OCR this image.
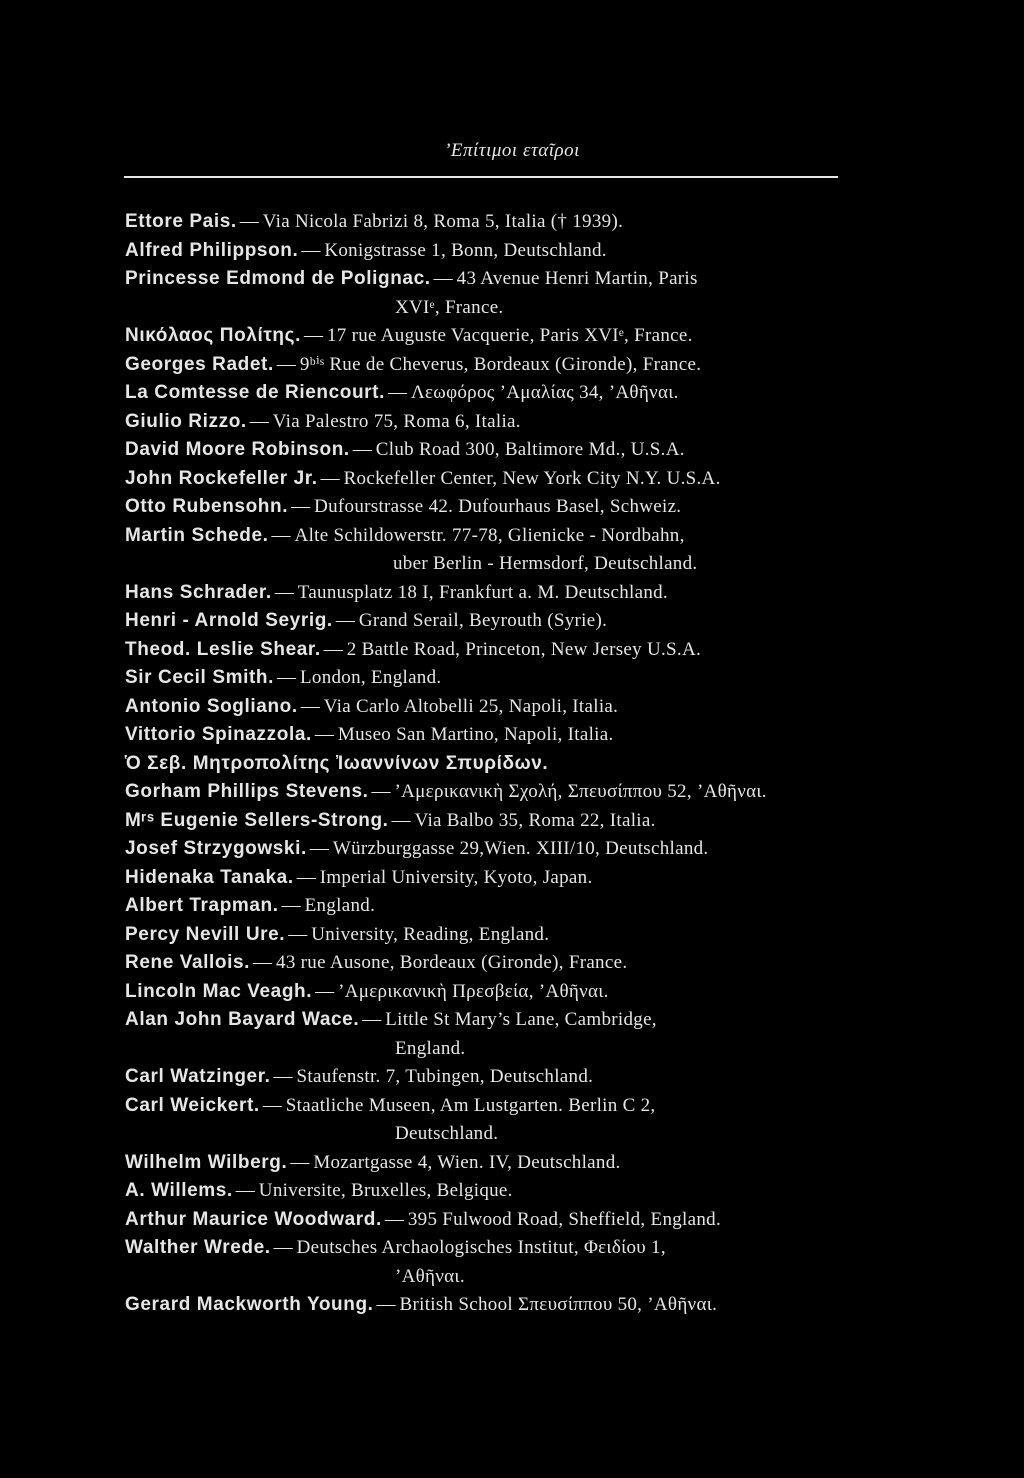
’Επίτιμοι εταῖροι
Ettore Pais. — Via Nicola Fabrizi 8, Roma 5, Italia († 1939).
Alfred Philippson. — Konigstrasse 1, Bonn, Deutschland.
Princesse Edmond de Polignac. — 43 Avenue Henri Martin, Paris
XVIᵉ, France.
Νικόλαος Πολίτης. — 17 rue Auguste Vacquerie, Paris XVIᵉ, France.
Georges Radet. — 9ᵇⁱˢ Rue de Cheverus, Bordeaux (Gironde), France.
La Comtesse de Riencourt. — Λεωφόρος ’Αμαλίας 34, ’Αθῆναι.
Giulio Rizzo. — Via Palestro 75, Roma 6, Italia.
David Moore Robinson. — Club Road 300, Baltimore Md., U.S.A.
John Rockefeller Jr. — Rockefeller Center, New York City N.Y. U.S.A.
Otto Rubensohn. — Dufourstrasse 42. Dufourhaus Basel, Schweiz.
Martin Schede. — Alte Schildowerstr. 77-78, Glienicke - Nordbahn,
uber Berlin - Hermsdorf, Deutschland.
Hans Schrader. — Taunusplatz 18 I, Frankfurt a. M. Deutschland.
Henri - Arnold Seyrig. — Grand Serail, Beyrouth (Syrie).
Theod. Leslie Shear. — 2 Battle Road, Princeton, New Jersey U.S.A.
Sir Cecil Smith. — London, England.
Antonio Sogliano. — Via Carlo Altobelli 25, Napoli, Italia.
Vittorio Spinazzola. — Museo San Martino, Napoli, Italia.
Ὁ Σεβ. Μητροπολίτης Ἰωαννίνων Σπυρίδων.
Gorham Phillips Stevens. — ’Αμερικανικὴ Σχολή, Σπευσίππου 52, ’Αθῆναι.
Mʳˢ Eugenie Sellers-Strong. — Via Balbo 35, Roma 22, Italia.
Josef Strzygowski. — Würzburggasse 29,Wien. XIII/10, Deutschland.
Hidenaka Tanaka. — Imperial University, Kyoto, Japan.
Albert Trapman. — England.
Percy Nevill Ure. — University, Reading, England.
Rene Vallois. — 43 rue Ausone, Bordeaux (Gironde), France.
Lincoln Mac Veagh. — ’Αμερικανικὴ Πρεσβεία, ’Αθῆναι.
Alan John Bayard Wace. — Little St Mary’s Lane, Cambridge,
England.
Carl Watzinger. — Staufenstr. 7, Tubingen, Deutschland.
Carl Weickert. — Staatliche Museen, Am Lustgarten. Berlin C 2,
Deutschland.
Wilhelm Wilberg. — Mozartgasse 4, Wien. IV, Deutschland.
A. Willems. — Universite, Bruxelles, Belgique.
Arthur Maurice Woodward. — 395 Fulwood Road, Sheffield, England.
Walther Wrede. — Deutsches Archaologisches Institut, Φειδίου 1,
’Αθῆναι.
Gerard Mackworth Young. — British School Σπευσίππου 50, ’Αθῆναι.
